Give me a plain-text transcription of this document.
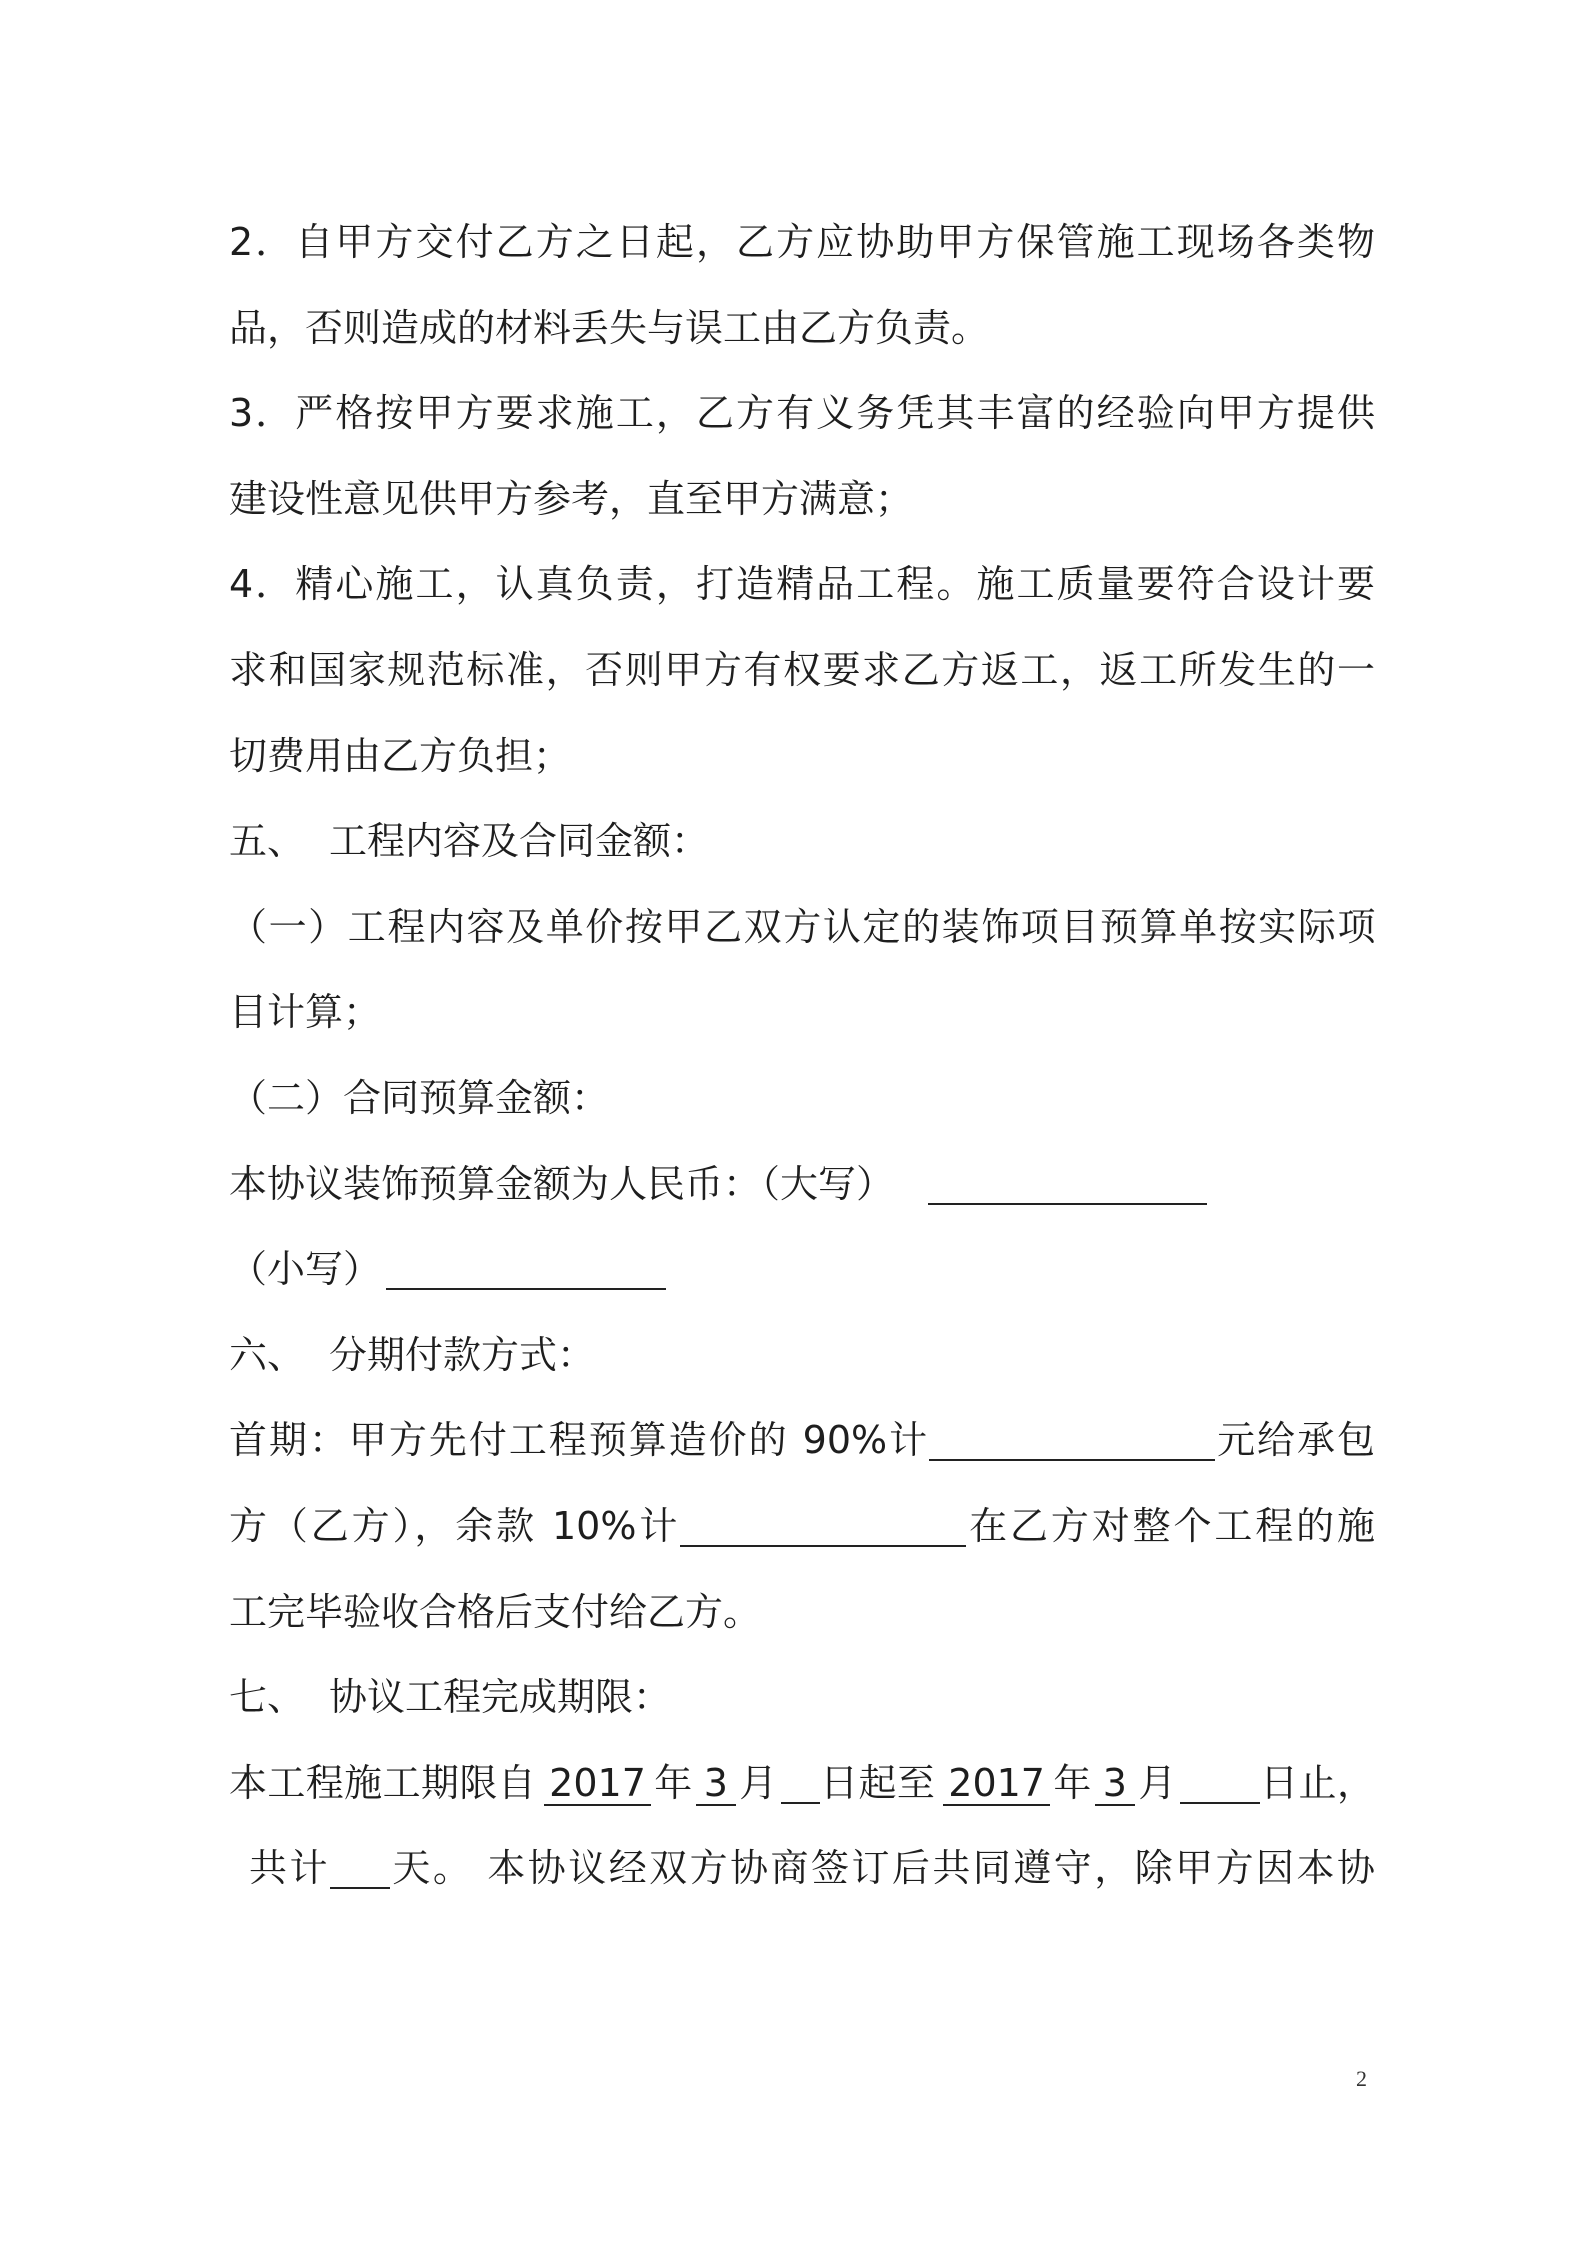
2．自甲方交付乙方之日起，乙方应协助甲方保管施工现场各类物
品，否则造成的材料丢失与误工由乙方负责。
3．严格按甲方要求施工，乙方有义务凭其丰富的经验向甲方提供
建设性意见供甲方参考，直至甲方满意；
4．精心施工，认真负责，打造精品工程。施工质量要符合设计要
求和国家规范标准，否则甲方有权要求乙方返工，返工所发生的一
切费用由乙方负担；
五、 工程内容及合同金额：
（一）工程内容及单价按甲乙双方认定的装饰项目预算单按实际项
目计算；
（二）合同预算金额：
本协议装饰预算金额为人民币：（大写）
（小写）
六、 分期付款方式：
首期：甲方先付工程预算造价的 90%计	元给承包
方（乙方），余款 10%计	在乙方对整个工程的施
工完毕验收合格后支付给乙方。
七、 协议工程完成期限：
本工程施工期限自 2017 年 3 月 日起至 2017 年 3 月 日止，
共计 天。 本协议经双方协商签订后共同遵守，除甲方因本协
2
